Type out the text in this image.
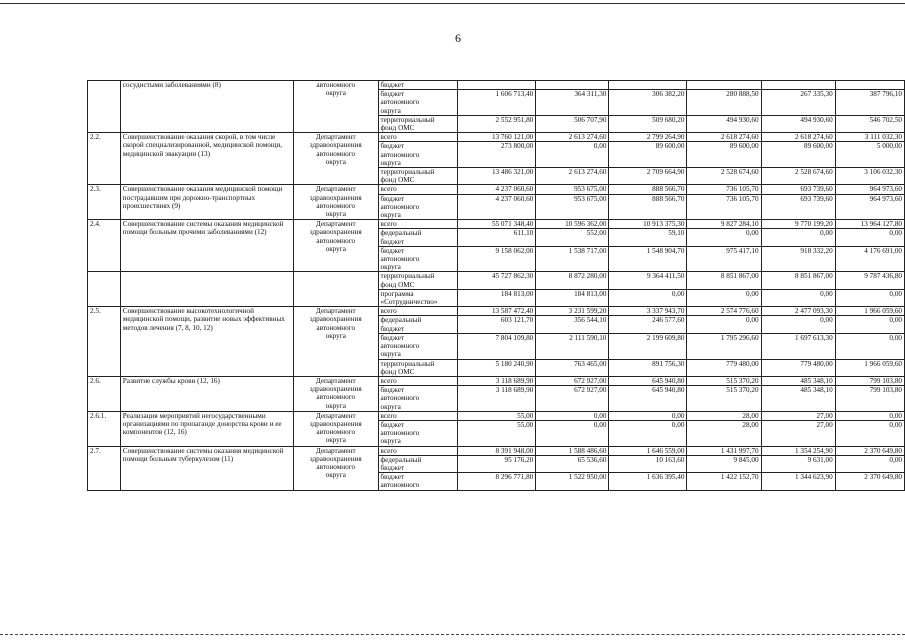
6
	сосудистыми заболеваниями (8)	автономного
округа	бюджет						
			бюджет
автономного
округа	1 606 713,40	364 311,30	306 382,20	280 888,50	267 335,30	387 796,10
			территориальный
фонд ОМС	2 552 951,80	506 707,90	509 680,20	494 930,60	494 930,60	546 702,50
2.2.	Совершенствование оказания скорой, в том числе скорой специализированной, медицинской помощи, медицинской эвакуации (13)	Департамент
здравоохранения
автономного
округа	всего	13 760 121,00	2 613 274,60	2 799 264,90	2 618 274,60	2 618 274,60	3 111 032,30
			бюджет
автономного
округа	273 800,00	0,00	89 600,00	89 600,00	89 600,00	5 000,00
			территориальный
фонд ОМС	13 486 321,00	2 613 274,60	2 709 664,90	2 528 674,60	2 528 674,60	3 106 032,30
2.3.	Совершенствование оказания медицинской помощи пострадавшим при дорожно-транспортных происшествиях (9)	Департамент
здравоохранения
автономного
округа	всего	4 237 060,60	953 675,00	888 566,70	736 105,70	693 739,60	964 973,60
			бюджет
автономного
округа	4 237 060,60	953 675,00	888 566,70	736 105,70	693 739,60	964 973,60
2.4.	Совершенствование системы оказания медицинской помощи больным прочими заболеваниями (12)	Департамент
здравоохранения
автономного
округа	всего	55 071 348,40	10 596 362,00	10 913 375,30	9 827 284,10	9 770 199,20	13 964 127,80
			федеральный
бюджет	611,10	552,00	59,10	0,00	0,00	0,00
			бюджет
автономного
округа	9 158 062,00	1 538 717,00	1 548 904,70	975 417,10	918 332,20	4 176 691,00
			территориальный
фонд ОМС	45 727 862,30	8 872 280,00	9 364 411,50	8 851 867,00	8 851 867,00	9 787 436,80
			программа
«Сотрудничество»	184 813,00	184 813,00	0,00	0,00	0,00	0,00
2.5.	Совершенствование высокотехнологичной медицинской помощи, развитие новых эффективных методов лечения (7, 8, 10, 12)	Департамент
здравоохранения
автономного
округа	всего	13 587 472,40	3 231 599,20	3 337 943,70	2 574 776,60	2 477 093,30	1 966 059,60
			федеральный
бюджет	603 121,70	356 544,10	246 577,60	0,00	0,00	0,00
			бюджет
автономного
округа	7 804 109,80	2 111 590,10	2 199 609,80	1 795 296,60	1 697 613,30	0,00
			территориальный
фонд ОМС	5 180 240,90	763 465,00	891 756,30	779 480,00	779 480,00	1 966 059,60
2.6.	Развитие службы крови (12, 16)	Департамент
здравоохранения
автономного
округа	всего	3 118 689,90	672 927,00	645 940,80	515 370,20	485 348,10	799 103,80
			бюджет
автономного
округа	3 118 689,90	672 927,00	645 940,80	515 370,20	485 348,10	799 103,80
2.6.1.	Реализация мероприятий негосударственными организациями по пропаганде донорства крови и ее компонентов (12, 16)	Департамент
здравоохранения
автономного
округа	всего	55,00	0,00	0,00	28,00	27,00	0,00
			бюджет
автономного
округа	55,00	0,00	0,00	28,00	27,00	0,00
2.7.	Совершенствование системы оказания медицинской помощи больным туберкулезом (11)	Департамент
здравоохранения
автономного
округа	всего	8 391 948,00	1 588 486,60	1 646 559,00	1 431 997,70	1 354 254,90	2 370 649,80
			федеральный
бюджет	95 176,20	65 536,60	10 163,60	9 845,00	9 631,00	0,00
			бюджет
автономного	8 296 771,80	1 522 950,00	1 636 395,40	1 422 152,70	1 344 623,90	2 370 649,80
